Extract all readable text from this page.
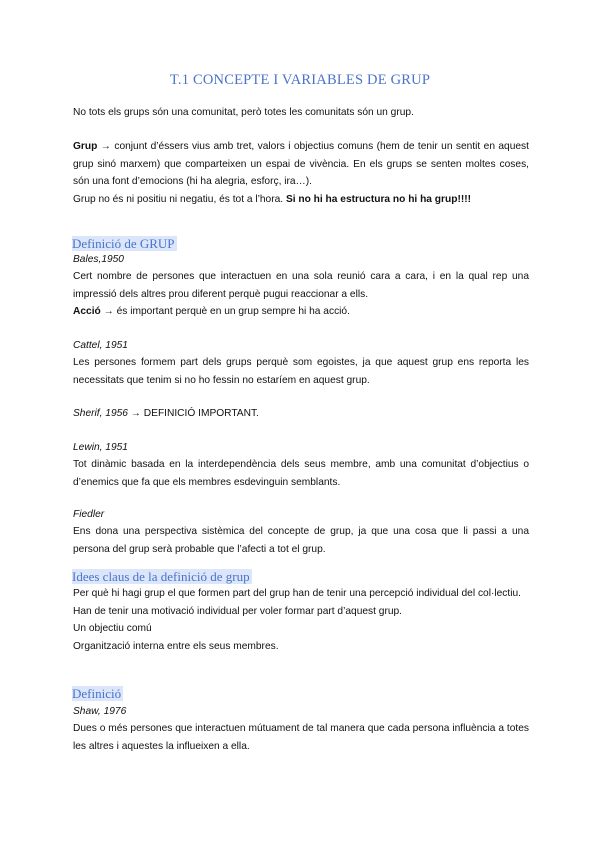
T.1 CONCEPTE I VARIABLES DE GRUP
No tots els grups són una comunitat, però totes les comunitats són un grup.
Grup → conjunt d’éssers vius amb tret, valors i objectius comuns (hem de tenir un sentit en aquest grup sinó marxem) que comparteixen un espai de vivència. En els grups se senten moltes coses, són una font d’emocions (hi ha alegria, esforç, ira…).
Grup no és ni positiu ni negatiu, és tot a l’hora. Si no hi ha estructura no hi ha grup!!!!
Definició de GRUP
Bales,1950
Cert nombre de persones que interactuen en una sola reunió cara a cara, i en la qual rep una impressió dels altres prou diferent perquè pugui reaccionar a ells.
Acció → és important perquè en un grup sempre hi ha acció.
Cattel, 1951
Les persones formem part dels grups perquè som egoistes, ja que aquest grup ens reporta les necessitats que tenim si no ho fessin no estaríem en aquest grup.
Sherif, 1956 → DEFINICIÓ IMPORTANT.
Lewin, 1951
Tot dinàmic basada en la interdependència dels seus membre, amb una comunitat d’objectius o d’enemics que fa que els membres esdevinguin semblants.
Fiedler
Ens dona una perspectiva sistèmica del concepte de grup, ja que una cosa que li passi a una persona del grup serà probable que l’afecti a tot el grup.
Idees claus de la definició de grup
Per què hi hagi grup el que formen part del grup han de tenir una percepció individual del col·lectiu.
Han de tenir una motivació individual per voler formar part d’aquest grup.
Un objectiu comú
Organització interna entre els seus membres.
Definició
Shaw, 1976
Dues o més persones que interactuen mútuament de tal manera que cada persona influència a totes les altres i aquestes la influeixen a ella.
